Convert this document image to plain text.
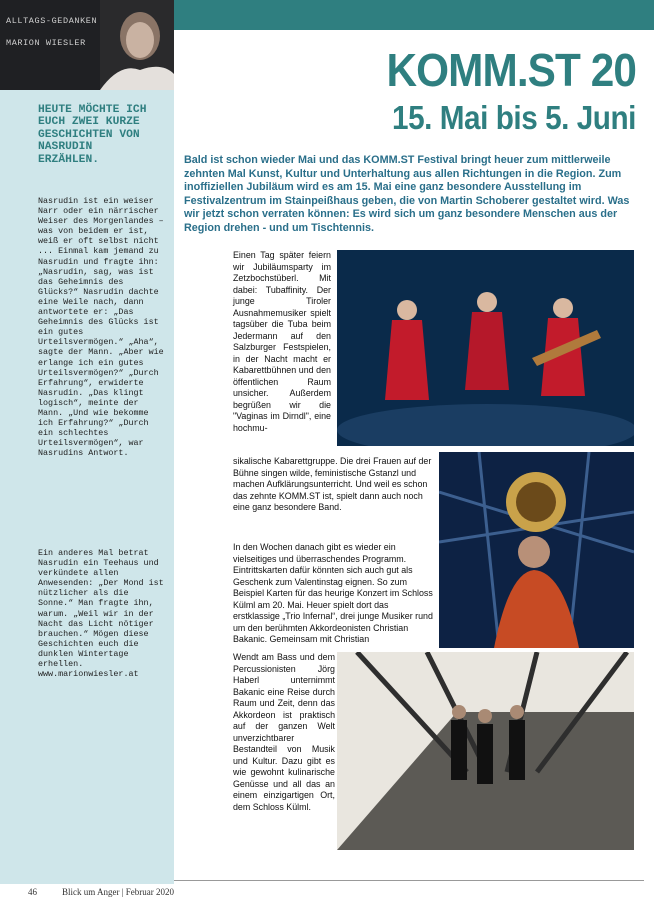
ALLTAGS-GEDANKEN
MARION WIESLER
HEUTE MÖCHTE ICH EUCH ZWEI KURZE GESCHICHTEN VON NASRUDIN ERZÄHLEN.
Nasrudin ist ein weiser Narr oder ein närrischer Weiser des Morgenlandes – was von beidem er ist, weiß er oft selbst nicht ... Einmal kam jemand zu Nasrudin und fragte ihn: „Nasrudin, sag, was ist das Geheimnis des Glücks?“ Nasrudin dachte eine Weile nach, dann antwortete er: „Das Geheimnis des Glücks ist ein gutes Urteilsvermögen.“ „Aha“, sagte der Mann. „Aber wie erlange ich ein gutes Urteilsvermögen?“ „Durch Erfahrung“, erwiderte Nasrudin. „Das klingt logisch“, meinte der Mann. „Und wie bekomme ich Erfahrung?“ „Durch ein schlechtes Urteilsvermögen“, war Nasrudins Antwort.
Ein anderes Mal betrat Nasrudin ein Teehaus und verkündete allen Anwesenden: „Der Mond ist nützlicher als die Sonne.“ Man fragte ihn, warum. „Weil wir in der Nacht das Licht nötiger brauchen.“ Mögen diese Geschichten euch die dunklen Wintertage erhellen. www.marionwiesler.at
KOMM.ST 20
15. Mai bis 5. Juni
Bald ist schon wieder Mai und das KOMM.ST Festival bringt heuer zum mittlerweile zehnten Mal Kunst, Kultur und Unterhaltung aus allen Richtungen in die Region. Zum inoffiziellen Jubiläum wird es am 15. Mai eine ganz besondere Ausstellung im Festivalzentrum im Stainpeißhaus geben, die von Martin Schoberer gestaltet wird. Was wir jetzt schon verraten können: Es wird sich um ganz besondere Menschen aus der Region drehen - und um Tischtennis.
Einen Tag später feiern wir Jubiläumsparty im Zetzbochstüberl. Mit dabei: Tubaffinity. Der junge Tiroler Ausnahmemusiker spielt tagsüber die Tuba beim Jedermann auf den Salzburger Festspielen, in der Nacht macht er Kabarettbühnen und den öffentlichen Raum unsicher. Außerdem begrüßen wir die "Vaginas im Dirndl", eine hochmu-
sikalische Kabarettgruppe. Die drei Frauen auf der Bühne singen wilde, feministische Gstanzl und machen Aufklärungsunterricht. Und weil es schon das zehnte KOMM.ST ist, spielt dann auch noch eine ganz besondere Band.
In den Wochen danach gibt es wieder ein vielseitiges und überraschendes Programm. Eintrittskarten dafür könnten sich auch gut als Geschenk zum Valentinstag eignen. So zum Beispiel Karten für das heurige Konzert im Schloss Külml am 20. Mai. Heuer spielt dort das erstklassige „Trio Infernal“, drei junge Musiker rund um den berühmten Akkordeonisten Christian Bakanic. Gemeinsam mit Christian
Wendt am Bass und dem Percussionisten Jörg Haberl unternimmt Bakanic eine Reise durch Raum und Zeit, denn das Akkordeon ist praktisch auf der ganzen Welt unverzichtbarer Bestandteil von Musik und Kultur. Dazu gibt es wie gewohnt kulinarische Genüsse und all das an einem einzigartigen Ort, dem Schloss Külml.
46	Blick um Anger | Februar 2020
